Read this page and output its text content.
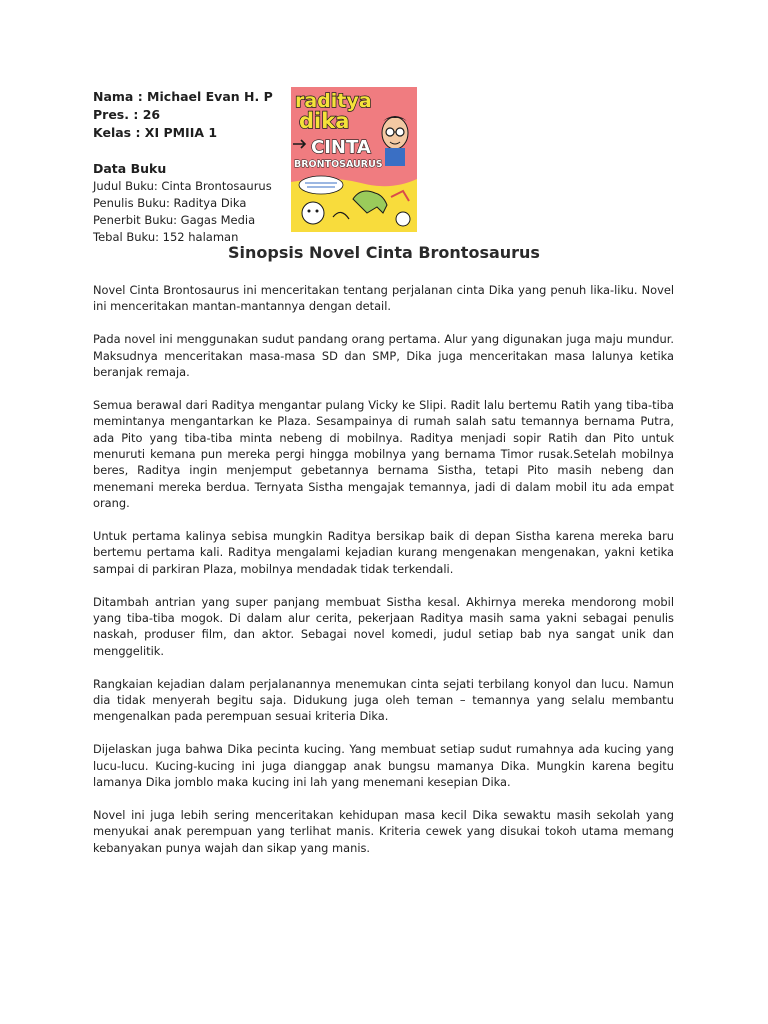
Nama : Michael Evan H. P
Pres. : 26
Kelas : XI PMIIA 1
Data Buku
Judul Buku: Cinta Brontosaurus
Penulis Buku: Raditya Dika
Penerbit Buku: Gagas Media
Tebal Buku: 152 halaman
raditya
dika
CINTA
BRONTOSAURUS
Sinopsis Novel Cinta Brontosaurus

Novel Cinta Brontosaurus ini menceritakan tentang perjalanan cinta Dika yang penuh lika-liku. Novel ini menceritakan mantan-mantannya dengan detail.

Pada novel ini menggunakan sudut pandang orang pertama. Alur yang digunakan juga maju mundur. Maksudnya menceritakan masa-masa SD dan SMP, Dika juga menceritakan masa lalunya ketika beranjak remaja.

Semua berawal dari Raditya mengantar pulang Vicky ke Slipi. Radit lalu bertemu Ratih yang tiba-tiba memintanya mengantarkan ke Plaza. Sesampainya di rumah salah satu temannya bernama Putra, ada Pito yang tiba-tiba minta nebeng di mobilnya. Raditya menjadi sopir Ratih dan Pito untuk menuruti kemana pun mereka pergi hingga mobilnya yang bernama Timor rusak.Setelah mobilnya beres, Raditya ingin menjemput gebetannya bernama Sistha, tetapi Pito masih nebeng dan menemani mereka berdua. Ternyata Sistha mengajak temannya, jadi di dalam mobil itu ada empat orang.

Untuk pertama kalinya sebisa mungkin Raditya bersikap baik di depan Sistha karena mereka baru bertemu pertama kali. Raditya mengalami kejadian kurang mengenakan mengenakan, yakni ketika sampai di parkiran Plaza, mobilnya mendadak tidak terkendali.

Ditambah antrian yang super panjang membuat Sistha kesal. Akhirnya mereka mendorong mobil yang tiba-tiba mogok. Di dalam alur cerita, pekerjaan Raditya masih sama yakni sebagai penulis naskah, produser film, dan aktor. Sebagai novel komedi, judul setiap bab nya sangat unik dan menggelitik.

Rangkaian kejadian dalam perjalanannya menemukan cinta sejati terbilang konyol dan lucu. Namun dia tidak menyerah begitu saja. Didukung juga oleh teman – temannya yang selalu membantu mengenalkan pada perempuan sesuai kriteria Dika.

Dijelaskan juga bahwa Dika pecinta kucing. Yang membuat setiap sudut rumahnya ada kucing yang lucu-lucu. Kucing-kucing ini juga dianggap anak bungsu mamanya Dika. Mungkin karena begitu lamanya Dika jomblo maka kucing ini lah yang menemani kesepian Dika.

Novel ini juga lebih sering menceritakan kehidupan masa kecil Dika sewaktu masih sekolah yang menyukai anak perempuan yang terlihat manis. Kriteria cewek yang disukai tokoh utama memang kebanyakan punya wajah dan sikap yang manis.
